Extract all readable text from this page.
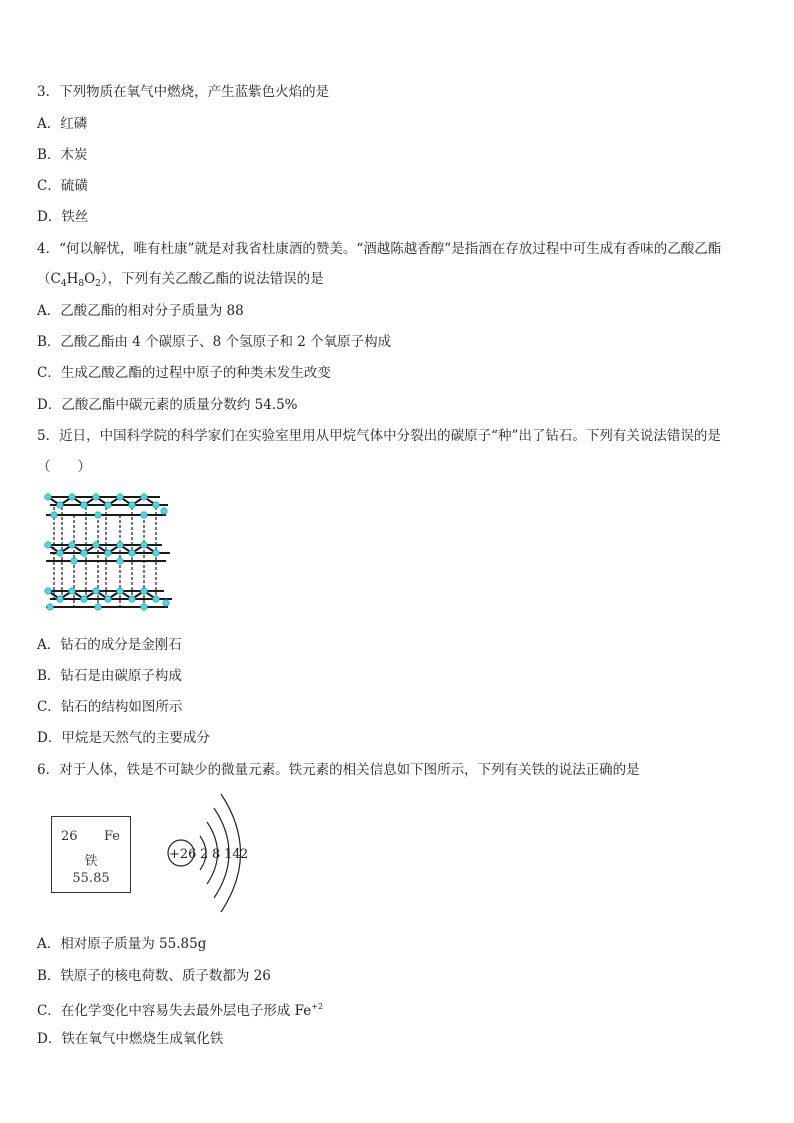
3．下列物质在氧气中燃烧，产生蓝紫色火焰的是
A．红磷
B．木炭
C．硫磺
D．铁丝
4．“何以解忧，唯有杜康”就是对我省杜康酒的赞美。“酒越陈越香醇”是指酒在存放过程中可生成有香味的乙酸乙酯
$(C_4H_8O_2)$，下列有关乙酸乙酯的说法错误的是
A．乙酸乙酯的相对分子质量为 88
B．乙酸乙酯由 4 个碳原子、8 个氢原子和 2 个氧原子构成
C．生成乙酸乙酯的过程中原子的种类未发生改变
D．乙酸乙酯中碳元素的质量分数约 54.5%
5．近日，中国科学院的科学家们在实验室里用从甲烷气体中分裂出的碳原子“种”出了钻石。下列有关说法错误的是
（　　）
A．钻石的成分是金刚石
B．钻石是由碳原子构成
C．钻石的结构如图所示
D．甲烷是天然气的主要成分
6．对于人体，铁是不可缺少的微量元素。铁元素的相关信息如下图所示，下列有关铁的说法正确的是
26 Fe
铁
55.85
+26 2 8 14 2
A．相对原子质量为 55.85g
B．铁原子的核电荷数、质子数都为 26
C．在化学变化中容易失去最外层电子形成 $Fe^{+2}$
D．铁在氧气中燃烧生成氧化铁
